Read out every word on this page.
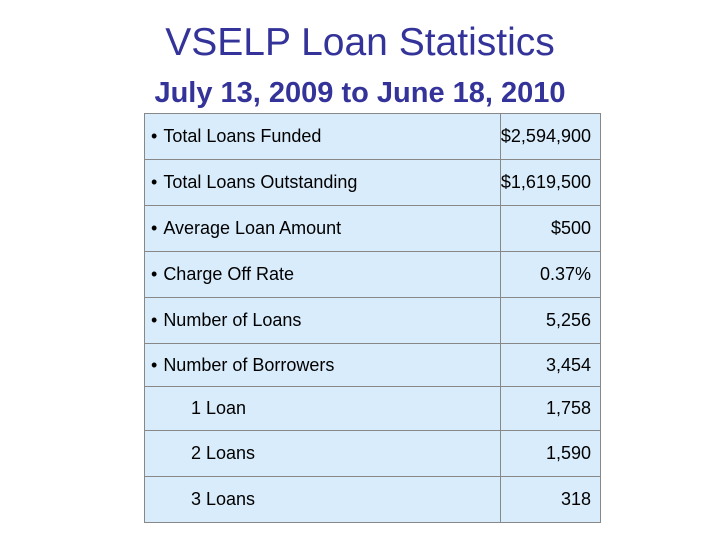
VSELP Loan Statistics
July 13, 2009 to June 18, 2010
• Total Loans Funded	$2,594,900
• Total Loans Outstanding	$1,619,500
• Average Loan Amount	$500
• Charge Off Rate	0.37%
• Number of Loans	5,256
• Number of Borrowers	3,454
1 Loan	1,758
2 Loans	1,590
3 Loans	318
